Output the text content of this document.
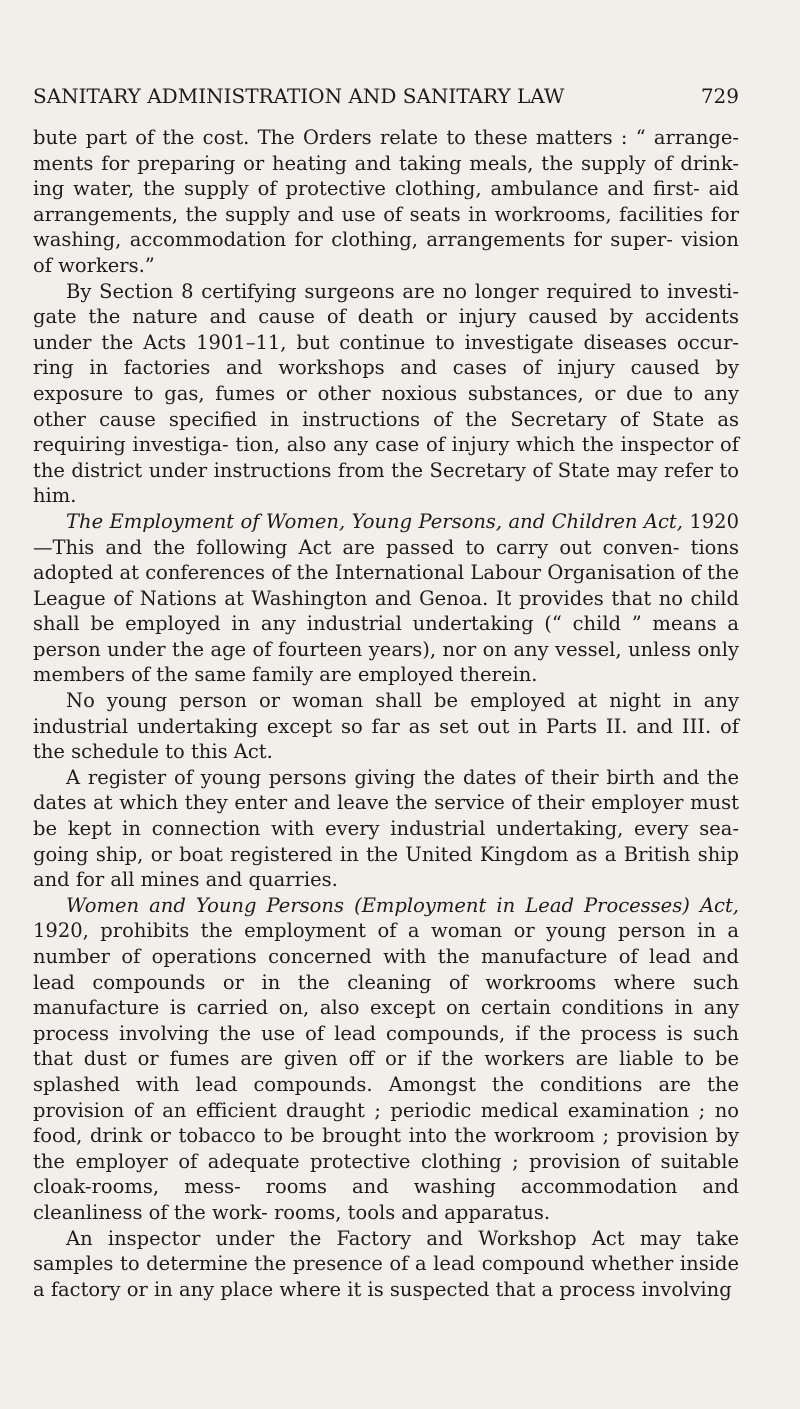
SANITARY ADMINISTRATION AND SANITARY LAW	729

bute part of the cost. The Orders relate to these matters : “ arrange- ments for preparing or heating and taking meals, the supply of drink- ing water, the supply of protective clothing, ambulance and first- aid arrangements, the supply and use of seats in workrooms, facilities for washing, accommodation for clothing, arrangements for super- vision of workers.”

By Section 8 certifying surgeons are no longer required to investi- gate the nature and cause of death or injury caused by accidents under the Acts 1901–11, but continue to investigate diseases occur- ring in factories and workshops and cases of injury caused by exposure to gas, fumes or other noxious substances, or due to any other cause specified in instructions of the Secretary of State as requiring investiga- tion, also any case of injury which the inspector of the district under instructions from the Secretary of State may refer to him.

The Employment of Women, Young Persons, and Children Act, 1920—This and the following Act are passed to carry out conven- tions adopted at conferences of the International Labour Organisation of the League of Nations at Washington and Genoa. It provides that no child shall be employed in any industrial undertaking (“ child ” means a person under the age of fourteen years), nor on any vessel, unless only members of the same family are employed therein.

No young person or woman shall be employed at night in any industrial undertaking except so far as set out in Parts II. and III. of the schedule to this Act.

A register of young persons giving the dates of their birth and the dates at which they enter and leave the service of their employer must be kept in connection with every industrial undertaking, every sea-going ship, or boat registered in the United Kingdom as a British ship and for all mines and quarries.

Women and Young Persons (Employment in Lead Processes) Act, 1920, prohibits the employment of a woman or young person in a number of operations concerned with the manufacture of lead and lead compounds or in the cleaning of workrooms where such manufacture is carried on, also except on certain conditions in any process involving the use of lead compounds, if the process is such that dust or fumes are given off or if the workers are liable to be splashed with lead compounds. Amongst the conditions are the provision of an efficient draught ; periodic medical examination ; no food, drink or tobacco to be brought into the workroom ; provision by the employer of adequate protective clothing ; provision of suitable cloak-rooms, mess- rooms and washing accommodation and cleanliness of the work- rooms, tools and apparatus.

An inspector under the Factory and Workshop Act may take samples to determine the presence of a lead compound whether inside a factory or in any place where it is suspected that a process involving
